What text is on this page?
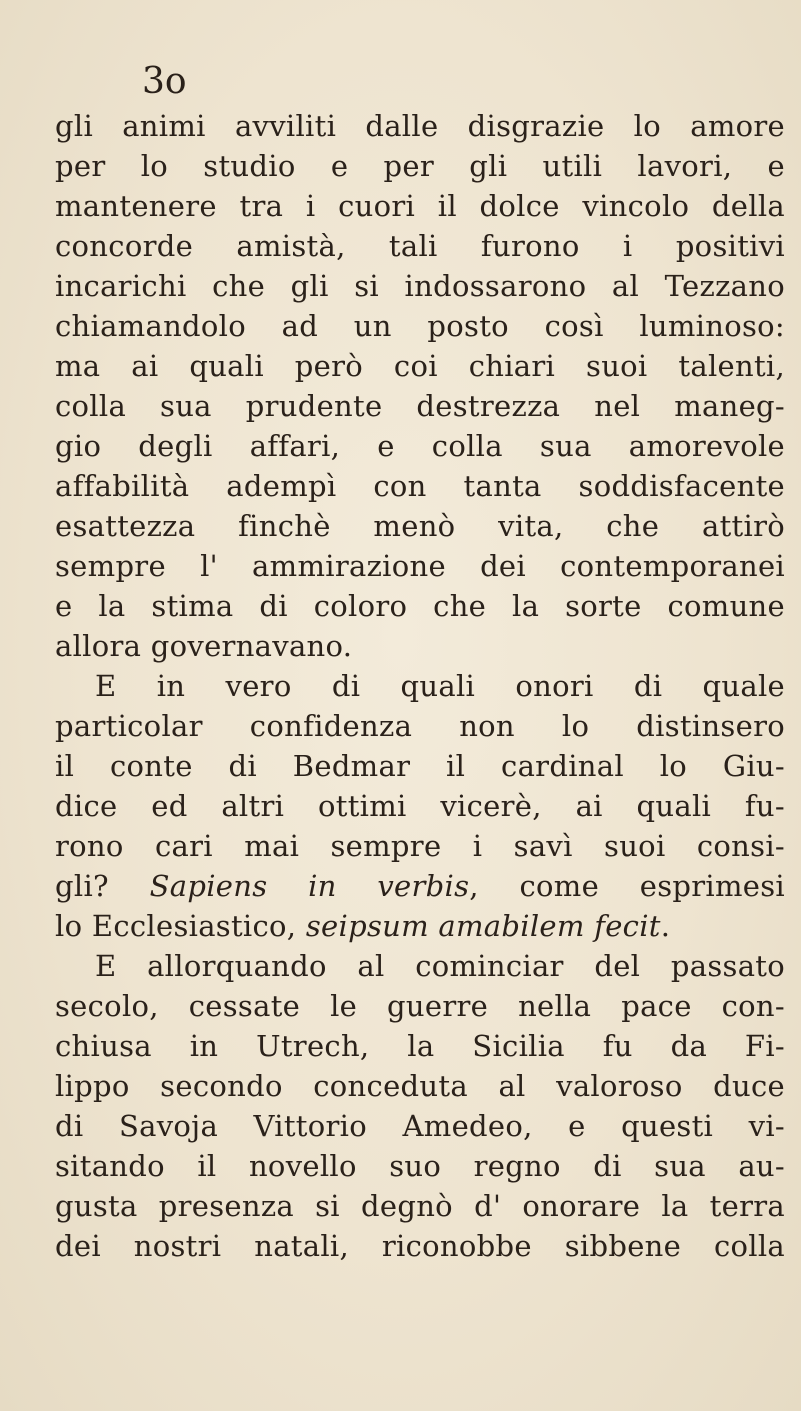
3o
gli animi avviliti dalle disgrazie lo amore
per lo studio e per gli utili lavori, e
mantenere tra i cuori il dolce vincolo della
concorde amistà, tali furono i positivi
incarichi che gli si indossarono al Tezzano
chiamandolo ad un posto così luminoso:
ma ai quali però coi chiari suoi talenti,
colla sua prudente destrezza nel maneg-
gio degli affari, e colla sua amorevole
affabilità adempì con tanta soddisfacente
esattezza finchè menò vita, che attirò
sempre l' ammirazione dei contemporanei
e la stima di coloro che la sorte comune
allora governavano.
E in vero di quali onori di quale
particolar confidenza non lo distinsero
il conte di Bedmar il cardinal lo Giu-
dice ed altri ottimi vicerè, ai quali fu-
rono cari mai sempre i savì suoi consi-
gli? Sapiens in verbis, come esprimesi
lo Ecclesiastico, seipsum amabilem fecit.
E allorquando al cominciar del passato
secolo, cessate le guerre nella pace con-
chiusa in Utrech, la Sicilia fu da Fi-
lippo secondo conceduta al valoroso duce
di Savoja Vittorio Amedeo, e questi vi-
sitando il novello suo regno di sua au-
gusta presenza si degnò d' onorare la terra
dei nostri natali, riconobbe sibbene colla
